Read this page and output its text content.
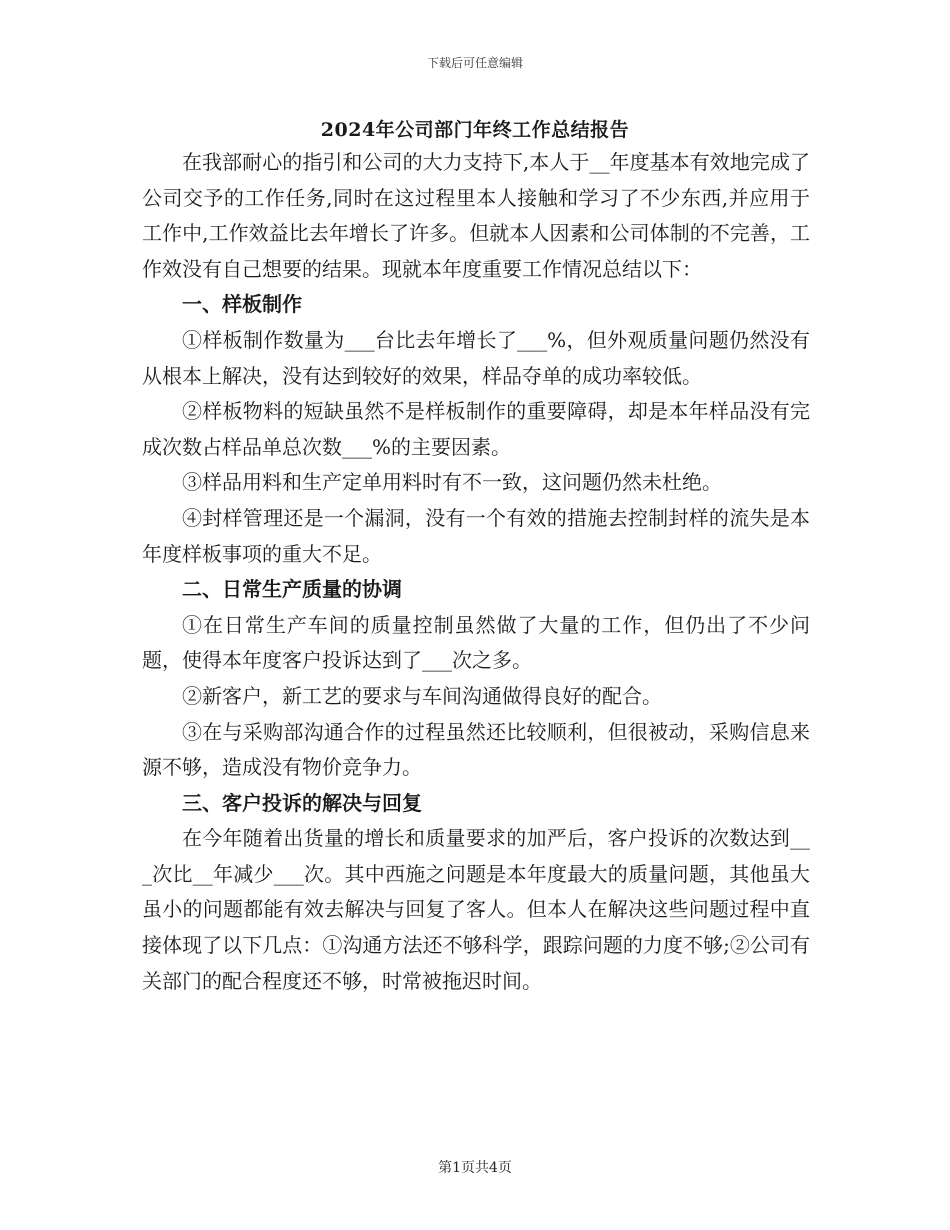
下载后可任意编辑
2024年公司部门年终工作总结报告

在我部耐心的指引和公司的大力支持下,本人于__年度基本有效地完成了公司交予的工作任务,同时在这过程里本人接触和学习了不少东西,并应用于工作中,工作效益比去年增长了许多。但就本人因素和公司体制的不完善，工作效没有自己想要的结果。现就本年度重要工作情况总结以下：

一、样板制作

①样板制作数量为___台比去年增长了___%，但外观质量问题仍然没有从根本上解决，没有达到较好的效果，样品夺单的成功率较低。

②样板物料的短缺虽然不是样板制作的重要障碍，却是本年样品没有完成次数占样品单总次数___%的主要因素。

③样品用料和生产定单用料时有不一致，这问题仍然未杜绝。

④封样管理还是一个漏洞，没有一个有效的措施去控制封样的流失是本年度样板事项的重大不足。

二、日常生产质量的协调

①在日常生产车间的质量控制虽然做了大量的工作，但仍出了不少问题，使得本年度客户投诉达到了___次之多。

②新客户，新工艺的要求与车间沟通做得良好的配合。

③在与采购部沟通合作的过程虽然还比较顺利，但很被动，采购信息来源不够，造成没有物价竞争力。

三、客户投诉的解决与回复

在今年随着出货量的增长和质量要求的加严后，客户投诉的次数达到___次比__年减少___次。其中西施之问题是本年度最大的质量问题，其他虽大虽小的问题都能有效去解决与回复了客人。但本人在解决这些问题过程中直接体现了以下几点：①沟通方法还不够科学，跟踪问题的力度不够;②公司有关部门的配合程度还不够，时常被拖迟时间。

第1页共4页
